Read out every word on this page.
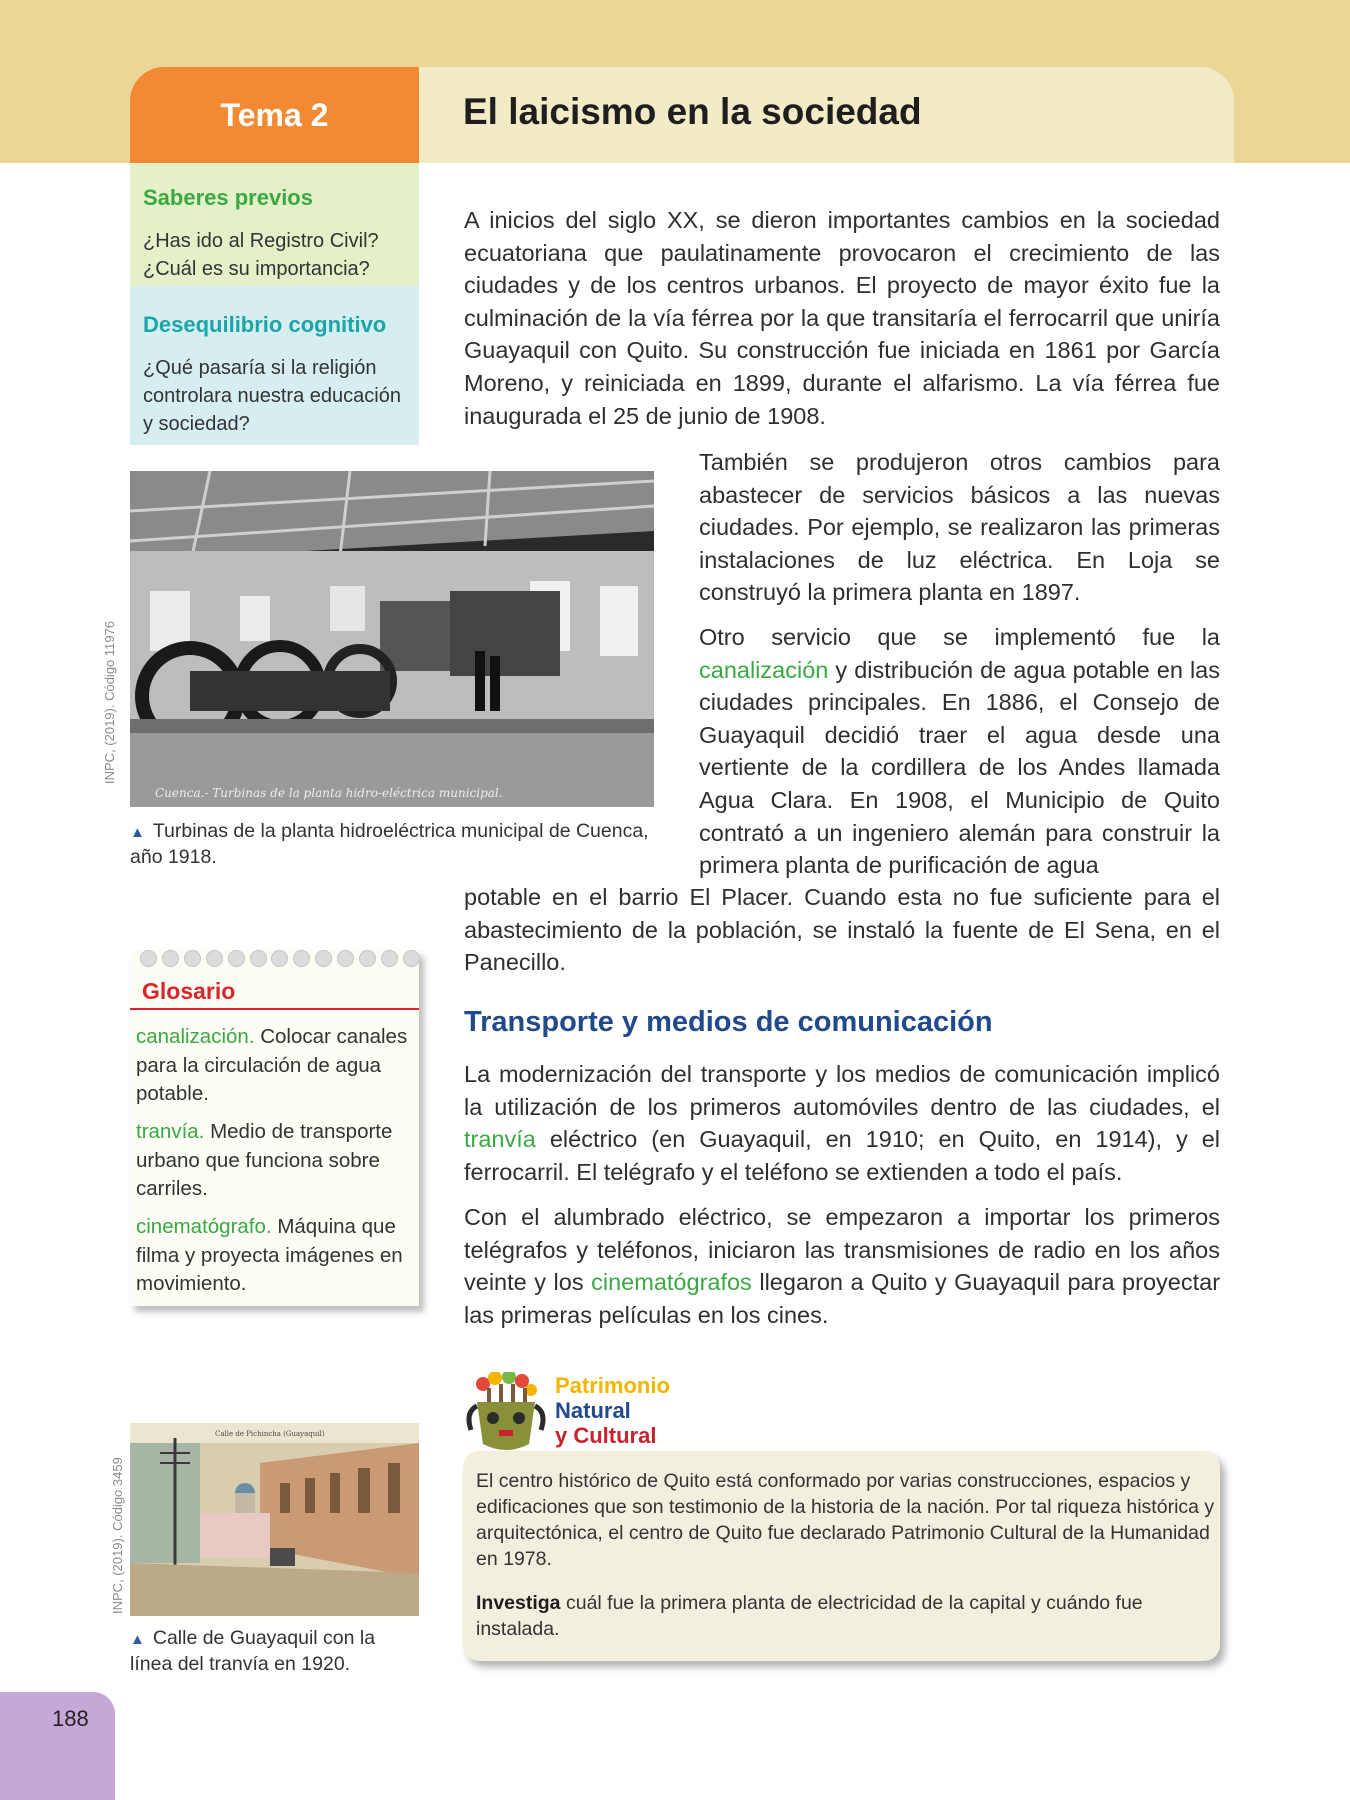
Tema 2	El laicismo en la sociedad
Saberes previos
¿Has ido al Registro Civil? ¿Cuál es su importancia?
Desequilibrio cognitivo
¿Qué pasaría si la religión controlara nuestra educación y sociedad?

A inicios del siglo XX, se dieron importantes cambios en la sociedad ecuatoriana que paulatinamente provocaron el crecimiento de las ciudades y de los centros urbanos. El proyecto de mayor éxito fue la culminación de la vía férrea por la que transitaría el ferrocarril que uniría Guayaquil con Quito. Su construcción fue iniciada en 1861 por García Moreno, y reiniciada en 1899, durante el alfarismo. La vía férrea fue inaugurada el 25 de junio de 1908.

También se produjeron otros cambios para abastecer de servicios básicos a las nuevas ciudades. Por ejemplo, se realizaron las primeras instalaciones de luz eléctrica. En Loja se construyó la primera planta en 1897.

Otro servicio que se implementó fue la canalización y distribución de agua potable en las ciudades principales. En 1886, el Consejo de Guayaquil decidió traer el agua desde una vertiente de la cordillera de los Andes llamada Agua Clara. En 1908, el Municipio de Quito contrató a un ingeniero alemán para construir la primera planta de purificación de agua

potable en el barrio El Placer. Cuando esta no fue suficiente para el abastecimiento de la población, se instaló la fuente de El Sena, en el Panecillo.

INPC, (2019). Código 11976
Cuenca.- Turbinas de la planta hidro-eléctrica municipal.
▲ Turbinas de la planta hidroeléctrica municipal de Cuenca, año 1918.
Glosario
canalización. Colocar canales para la circulación de agua potable.
tranvía. Medio de transporte urbano que funciona sobre carriles.
cinematógrafo. Máquina que filma y proyecta imágenes en movimiento.
Transporte y medios de comunicación

La modernización del transporte y los medios de comunicación implicó la utilización de los primeros automóviles dentro de las ciudades, el tranvía eléctrico (en Guayaquil, en 1910; en Quito, en 1914), y el ferrocarril. El telégrafo y el teléfono se extienden a todo el país.

Con el alumbrado eléctrico, se empezaron a importar los primeros telégrafos y teléfonos, iniciaron las transmisiones de radio en los años veinte y los cinematógrafos llegaron a Quito y Guayaquil para proyectar las primeras películas en los cines.

INPC, (2019). Código 3459
Calle de Pichincha (Guayaquil)
▲ Calle de Guayaquil con la línea del tranvía en 1920.
Patrimonio
Natural
y Cultural
El centro histórico de Quito está conformado por varias construcciones, espacios y edificaciones que son testimonio de la historia de la nación. Por tal riqueza histórica y arquitectónica, el centro de Quito fue declarado Patrimonio Cultural de la Humanidad en 1978.
Investiga cuál fue la primera planta de electricidad de la capital y cuándo fue instalada.
188
